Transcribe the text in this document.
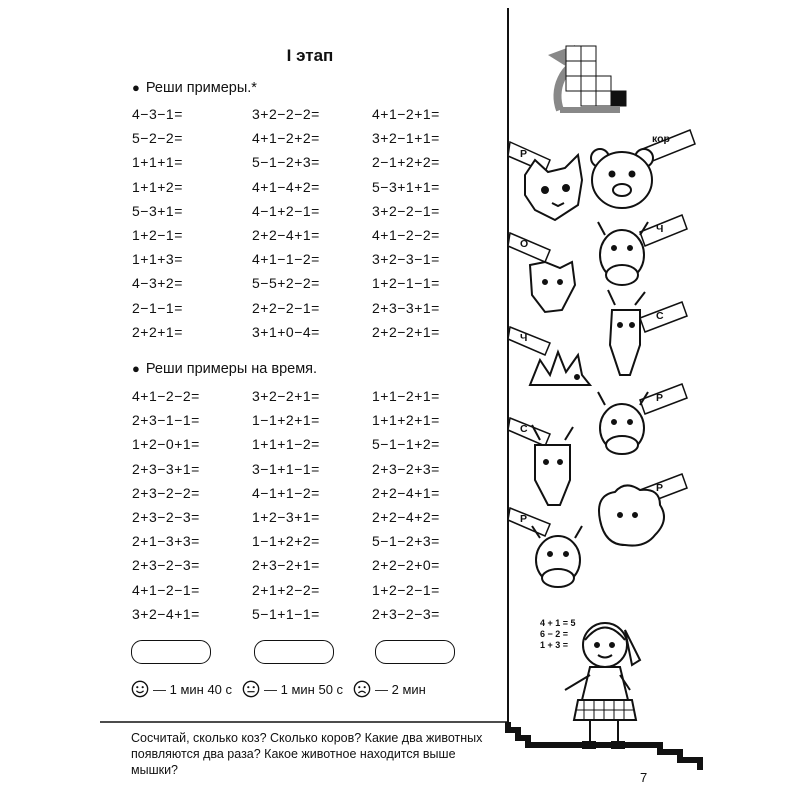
Р
кор
О
Ч
Ч
С
С
Р
Р
Р
4 + 1 = 5
6 − 2 =
1 + 3 =
I этап
● Реши примеры.*
4−3−1=	3+2−2−2=	4+1−2+1=
5−2−2=	4+1−2+2=	3+2−1+1=
1+1+1=	5−1−2+3=	2−1+2+2=
1+1+2=	4+1−4+2=	5−3+1+1=
5−3+1=	4−1+2−1=	3+2−2−1=
1+2−1=	2+2−4+1=	4+1−2−2=
1+1+3=	4+1−1−2=	3+2−3−1=
4−3+2=	5−5+2−2=	1+2−1−1=
2−1−1=	2+2−2−1=	2+3−3+1=
2+2+1=	3+1+0−4=	2+2−2+1=
● Реши примеры на время.
4+1−2−2=	3+2−2+1=	1+1−2+1=
2+3−1−1=	1−1+2+1=	1+1+2+1=
1+2−0+1=	1+1+1−2=	5−1−1+2=
2+3−3+1=	3−1+1−1=	2+3−2+3=
2+3−2−2=	4−1+1−2=	2+2−4+1=
2+3−2−3=	1+2−3+1=	2+2−4+2=
2+1−3+3=	1−1+2+2=	5−1−2+3=
2+3−2−3=	2+3−2+1=	2+2−2+0=
4+1−2−1=	2+1+2−2=	1+2−2−1=
3+2−4+1=	5−1+1−1=	2+3−2−3=
— 1 мин 40 с — 1 мин 50 с — 2 мин
Сосчитай, сколько коз? Сколько коров? Какие два животных появляются два раза? Какое животное находится выше мышки?	7
